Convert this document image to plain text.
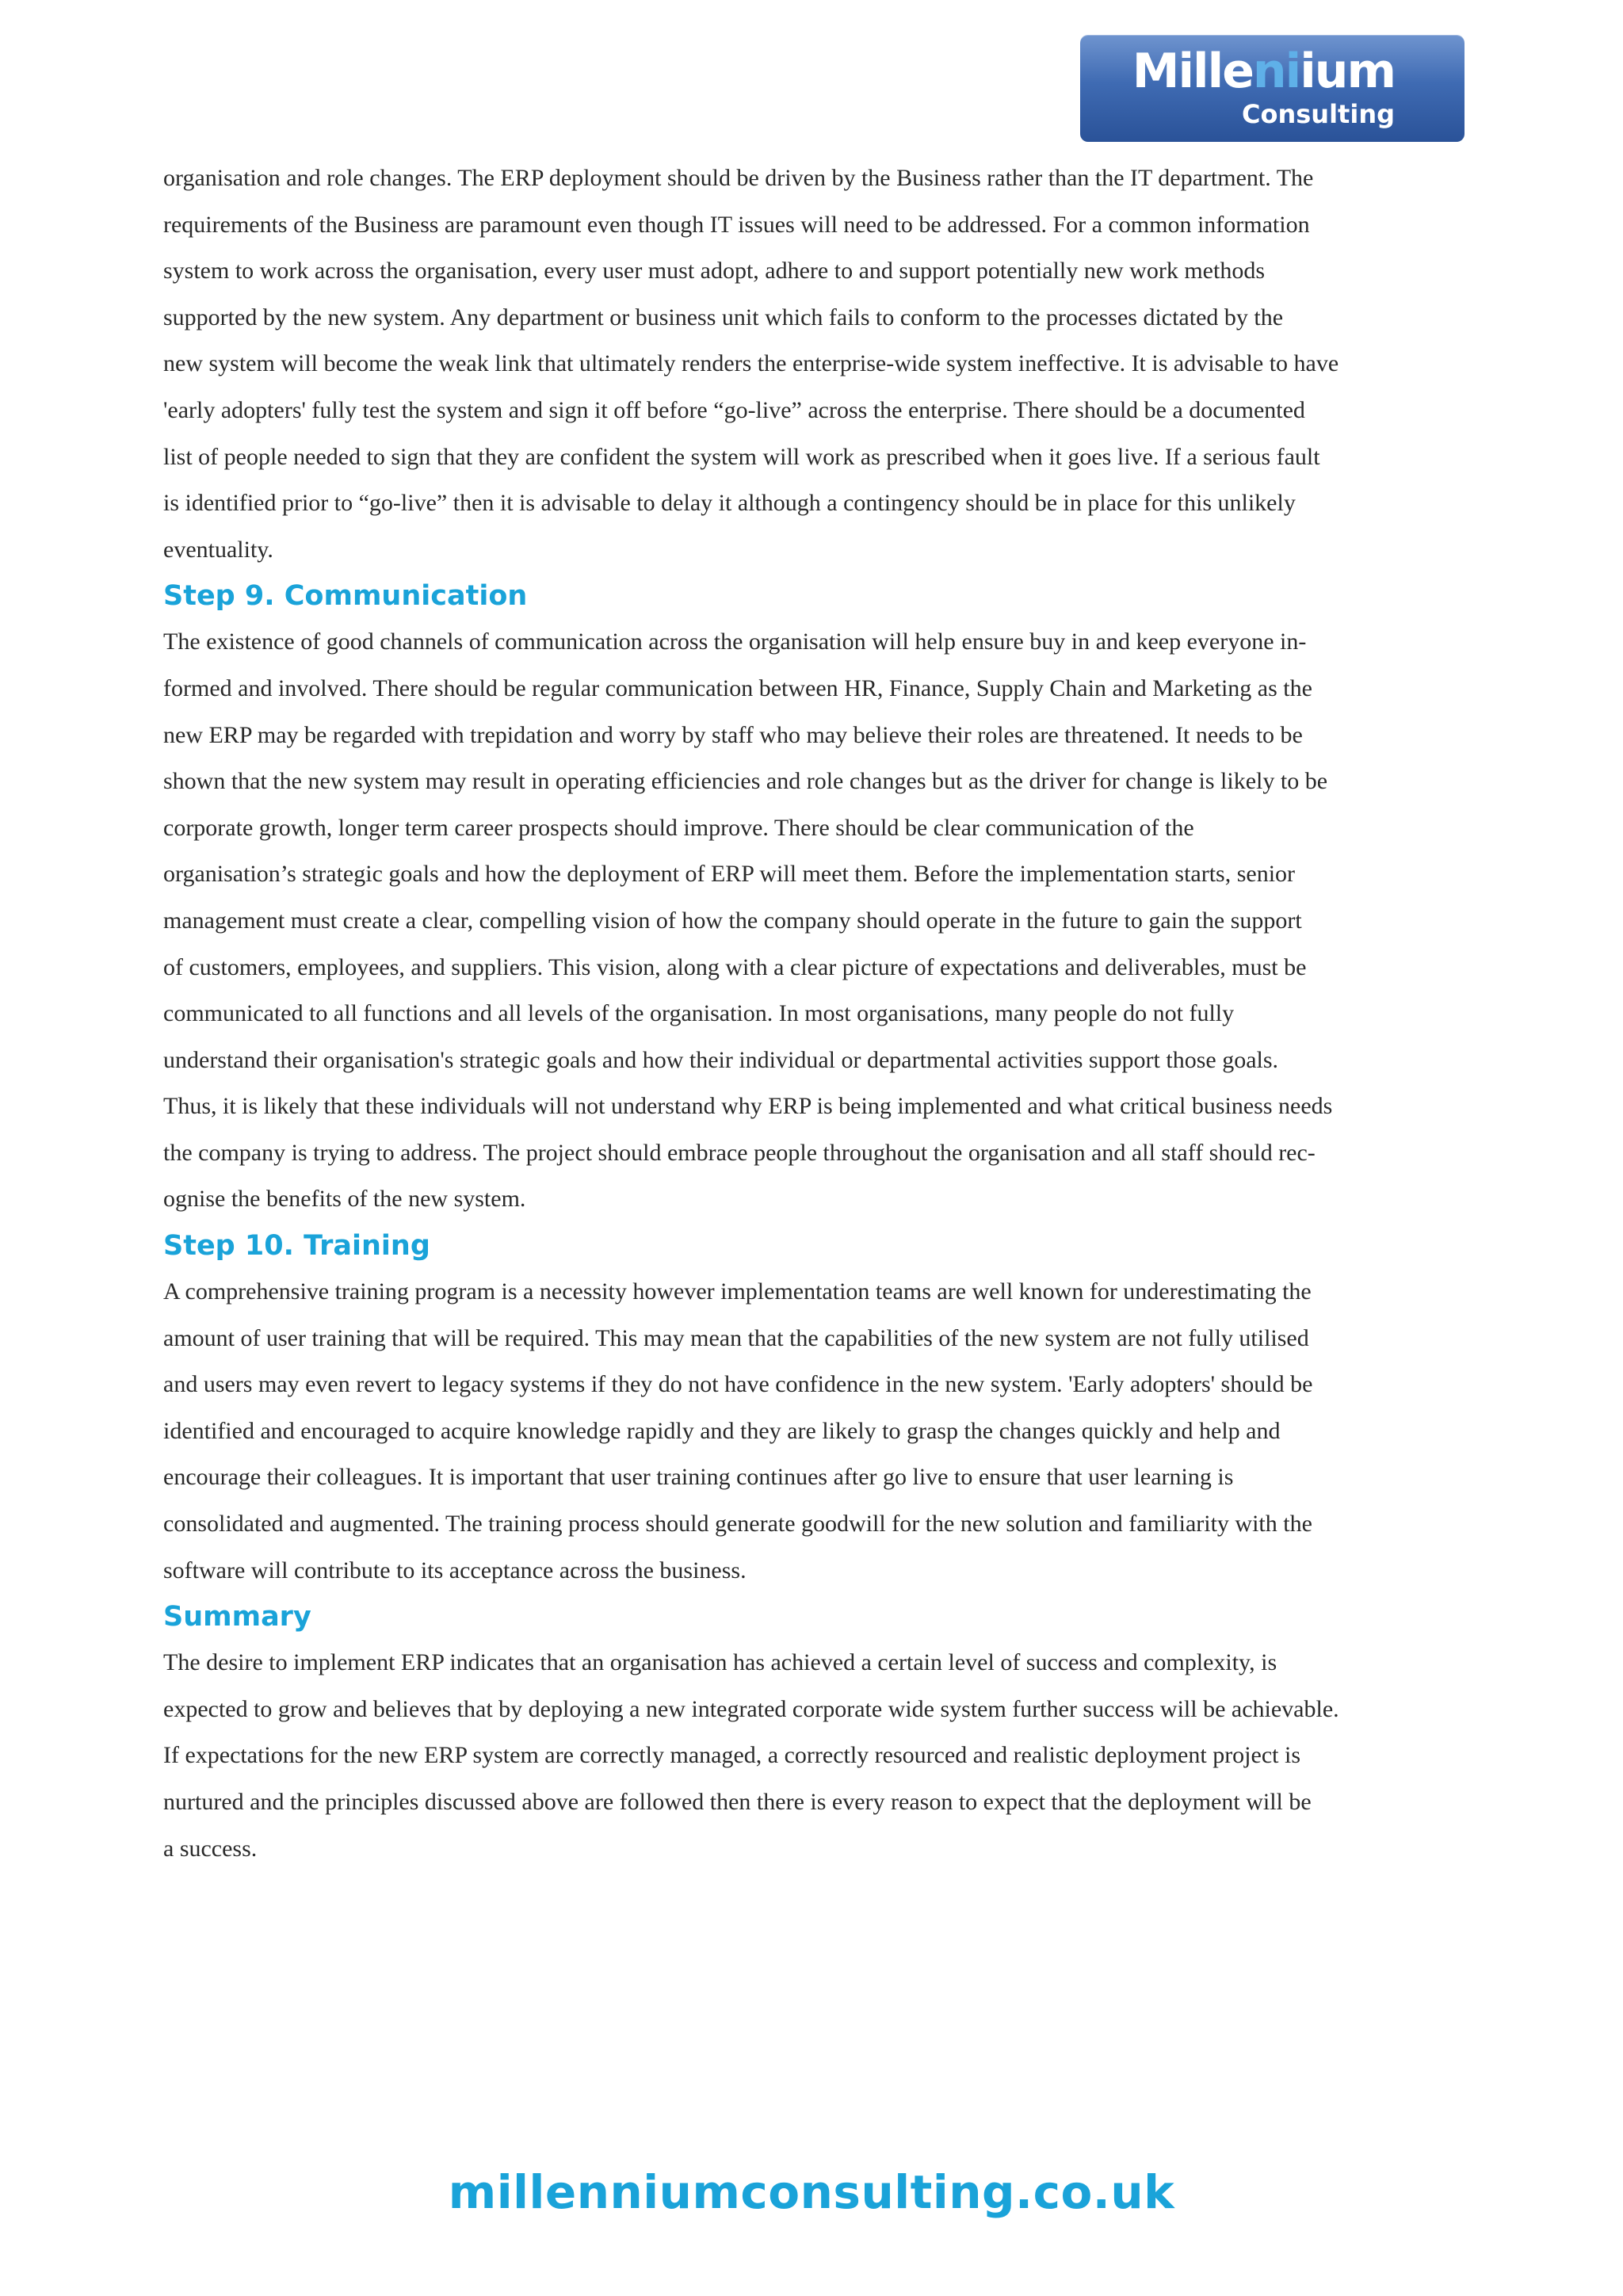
Milleniium
Consulting

organisation and role changes. The ERP deployment should be driven by the Business rather than the IT department. The
requirements of the Business are paramount even though IT issues will need to be addressed. For a common information
system to work across the organisation, every user must adopt, adhere to and support potentially new work methods
supported by the new system. Any department or business unit which fails to conform to the processes dictated by the
new system will become the weak link that ultimately renders the enterprise-wide system ineffective. It is advisable to have
'early adopters' fully test the system and sign it off before “go-live” across the enterprise. There should be a documented
list of people needed to sign that they are confident the system will work as prescribed when it goes live. If a serious fault
is identified prior to “go-live” then it is advisable to delay it although a contingency should be in place for this unlikely
eventuality.

Step 9. Communication

The existence of good channels of communication across the organisation will help ensure buy in and keep everyone in-
formed and involved. There should be regular communication between HR, Finance, Supply Chain and Marketing as the
new ERP may be regarded with trepidation and worry by staff who may believe their roles are threatened. It needs to be
shown that the new system may result in operating efficiencies and role changes but as the driver for change is likely to be
corporate growth, longer term career prospects should improve. There should be clear communication of the
organisation’s strategic goals and how the deployment of ERP will meet them. Before the implementation starts, senior
management must create a clear, compelling vision of how the company should operate in the future to gain the support
of customers, employees, and suppliers. This vision, along with a clear picture of expectations and deliverables, must be
communicated to all functions and all levels of the organisation. In most organisations, many people do not fully
understand their organisation's strategic goals and how their individual or departmental activities support those goals.
Thus, it is likely that these individuals will not understand why ERP is being implemented and what critical business needs
the company is trying to address. The project should embrace people throughout the organisation and all staff should rec-
ognise the benefits of the new system.

Step 10. Training

A comprehensive training program is a necessity however implementation teams are well known for underestimating the
amount of user training that will be required. This may mean that the capabilities of the new system are not fully utilised
and users may even revert to legacy systems if they do not have confidence in the new system. 'Early adopters' should be
identified and encouraged to acquire knowledge rapidly and they are likely to grasp the changes quickly and help and
encourage their colleagues. It is important that user training continues after go live to ensure that user learning is
consolidated and augmented. The training process should generate goodwill for the new solution and familiarity with the
software will contribute to its acceptance across the business.

Summary

The desire to implement ERP indicates that an organisation has achieved a certain level of success and complexity, is
expected to grow and believes that by deploying a new integrated corporate wide system further success will be achievable.
If expectations for the new ERP system are correctly managed, a correctly resourced and realistic deployment project is
nurtured and the principles discussed above are followed then there is every reason to expect that the deployment will be
a success.

millenniumconsulting.co.uk
